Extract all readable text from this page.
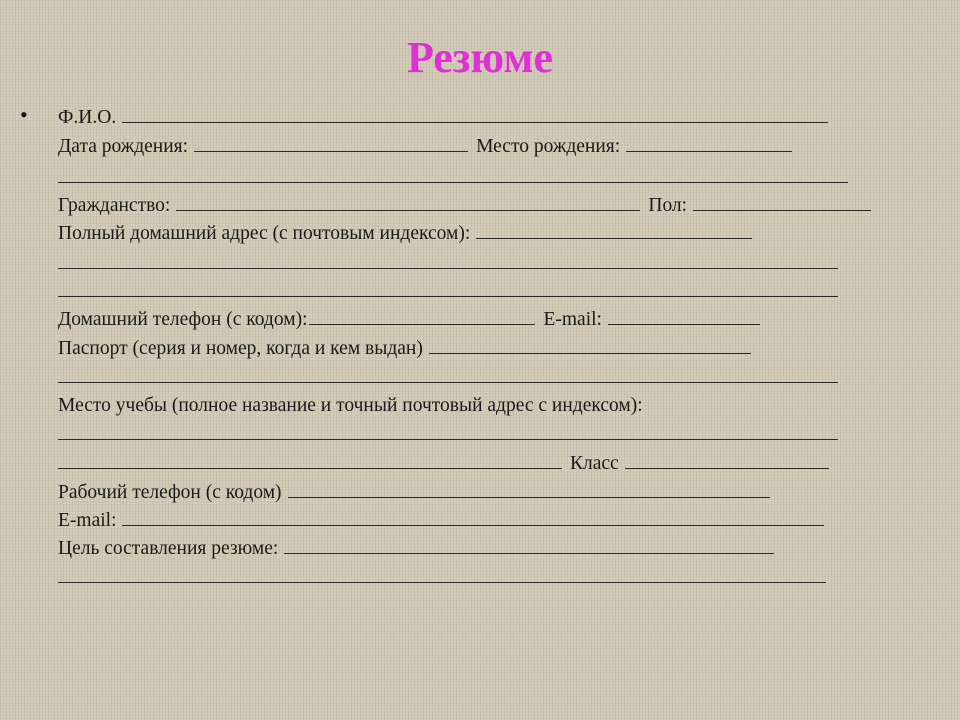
Резюме
• Ф.И.О.
Дата рождения:	Место рождения:
Гражданство:	Пол:
Полный домашний адрес (с почтовым индексом):
Домашний телефон (с кодом):	E-mail:
Паспорт (серия и номер, когда и кем выдан)
Место учебы (полное название и точный почтовый адрес с индексом):
Класс
Рабочий телефон (с кодом)
E-mail:
Цель составления резюме:
